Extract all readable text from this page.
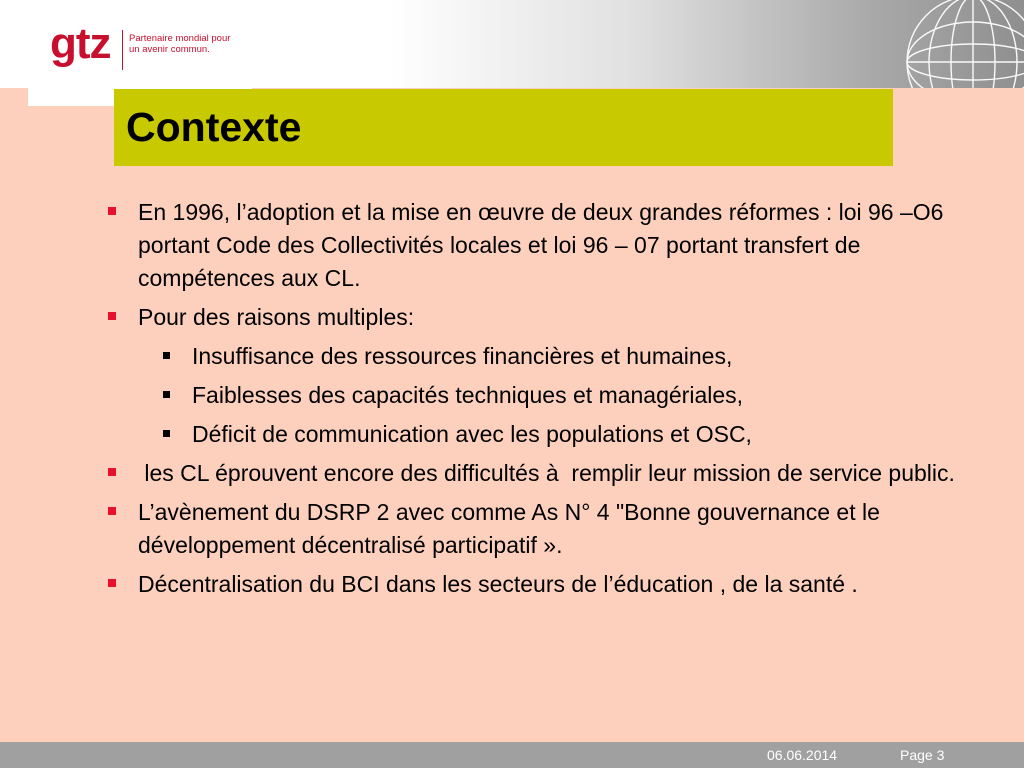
gtz Partenaire mondial pour
un avenir commun.
Contexte
En 1996, l’adoption et la mise en œuvre de deux grandes réformes : loi 96 –O6 portant Code des Collectivités locales et loi 96 – 07 portant transfert de compétences aux CL.
Pour des raisons multiples:
Insuffisance des ressources financières et humaines,
Faiblesses des capacités techniques et managériales,
Déficit de communication avec les populations et OSC,
les CL éprouvent encore des difficultés à  remplir leur mission de service public.
L’avènement du DSRP 2 avec comme As N° 4 "Bonne gouvernance et le développement décentralisé participatif ».
Décentralisation du BCI dans les secteurs de l’éducation , de la santé .
06.06.2014	Page 3
